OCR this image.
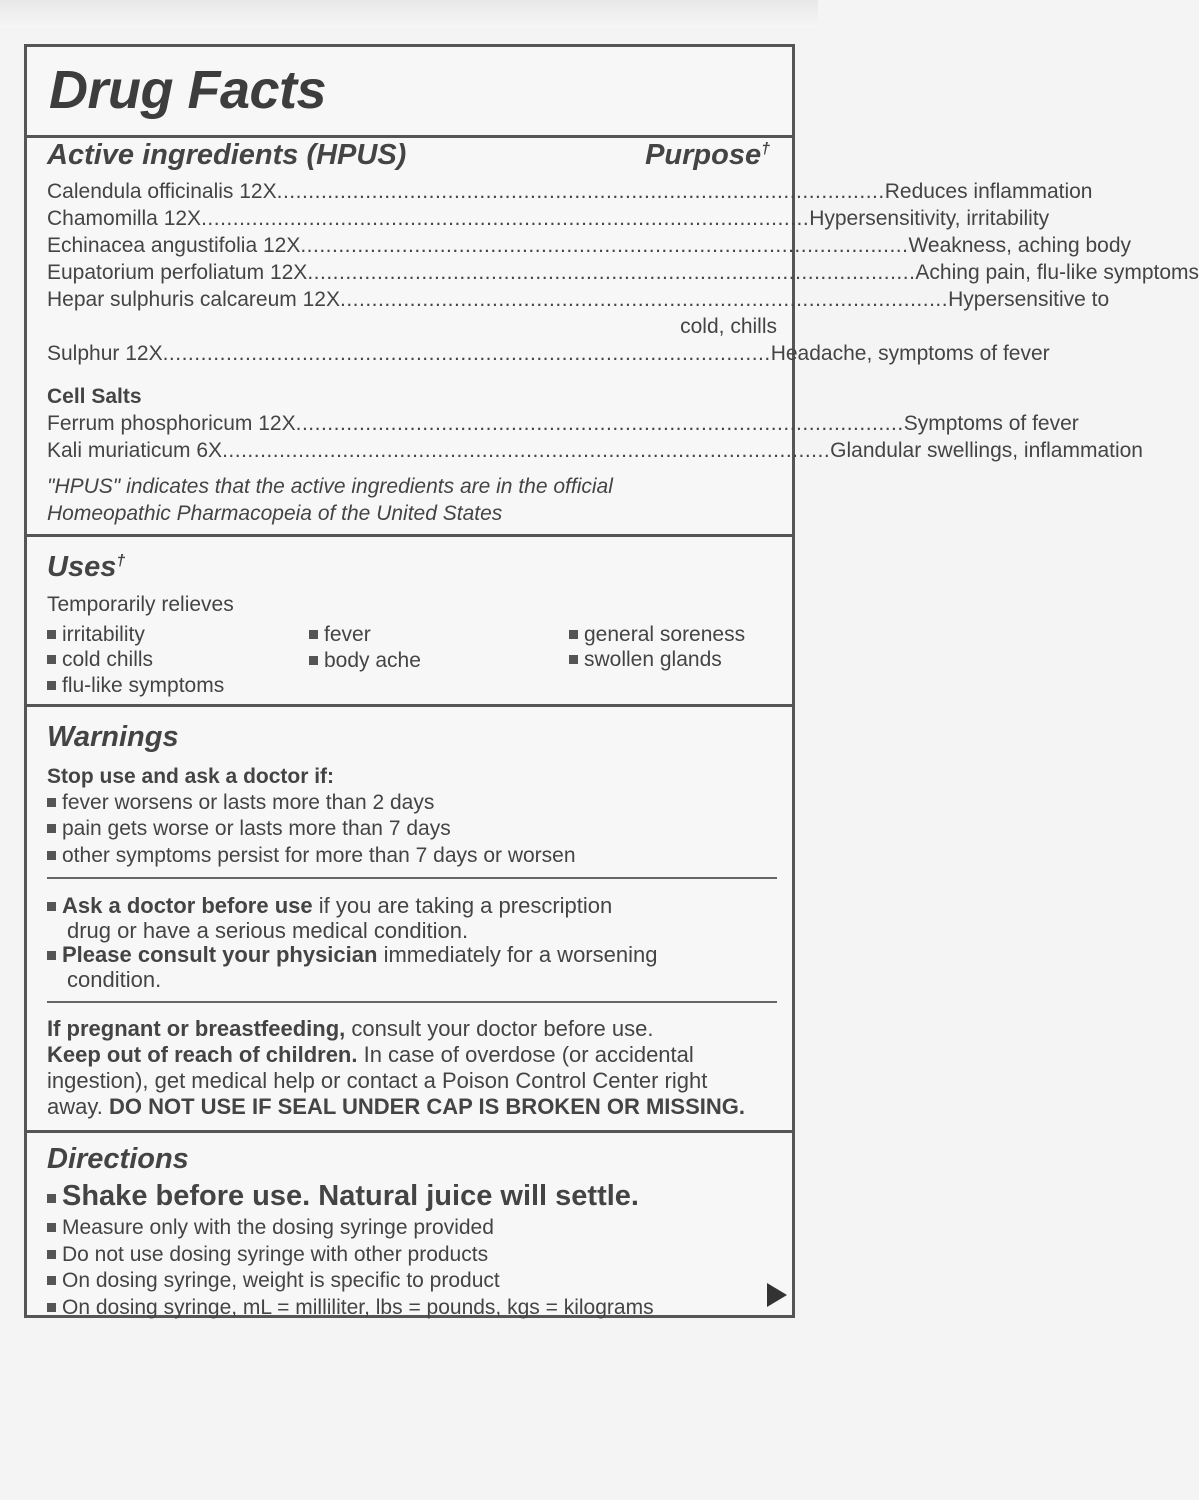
Drug Facts
Active ingredients (HPUS)	Purpose†
Calendula officinalis 12X ................................................................................................ Reduces inflammation
Chamomilla 12X ................................................................................................ Hypersensitivity, irritability
Echinacea angustifolia 12X ................................................................................................ Weakness, aching body
Eupatorium perfoliatum 12X ................................................................................................ Aching pain, flu-like symptoms
Hepar sulphuris calcareum 12X ................................................................................................ Hypersensitive to
cold, chills
Sulphur 12X ................................................................................................ Headache, symptoms of fever
Cell Salts
Ferrum phosphoricum 12X ................................................................................................ Symptoms of fever
Kali muriaticum 6X ................................................................................................ Glandular swellings, inflammation
"HPUS" indicates that the active ingredients are in the official
Homeopathic Pharmacopeia of the United States
Uses†
Temporarily relieves
irritability
cold chills
flu-like symptoms
fever
body ache
general soreness
swollen glands
Warnings
Stop use and ask a doctor if:
fever worsens or lasts more than 2 days
pain gets worse or lasts more than 7 days
other symptoms persist for more than 7 days or worsen
Ask a doctor before use if you are taking a prescription
drug or have a serious medical condition.
Please consult your physician immediately for a worsening
condition.
If pregnant or breastfeeding, consult your doctor before use.
Keep out of reach of children. In case of overdose (or accidental
ingestion), get medical help or contact a Poison Control Center right
away. DO NOT USE IF SEAL UNDER CAP IS BROKEN OR MISSING.
Directions
Shake before use. Natural juice will settle.
Measure only with the dosing syringe provided
Do not use dosing syringe with other products
On dosing syringe, weight is specific to product
On dosing syringe, mL = milliliter, lbs = pounds, kgs = kilograms
